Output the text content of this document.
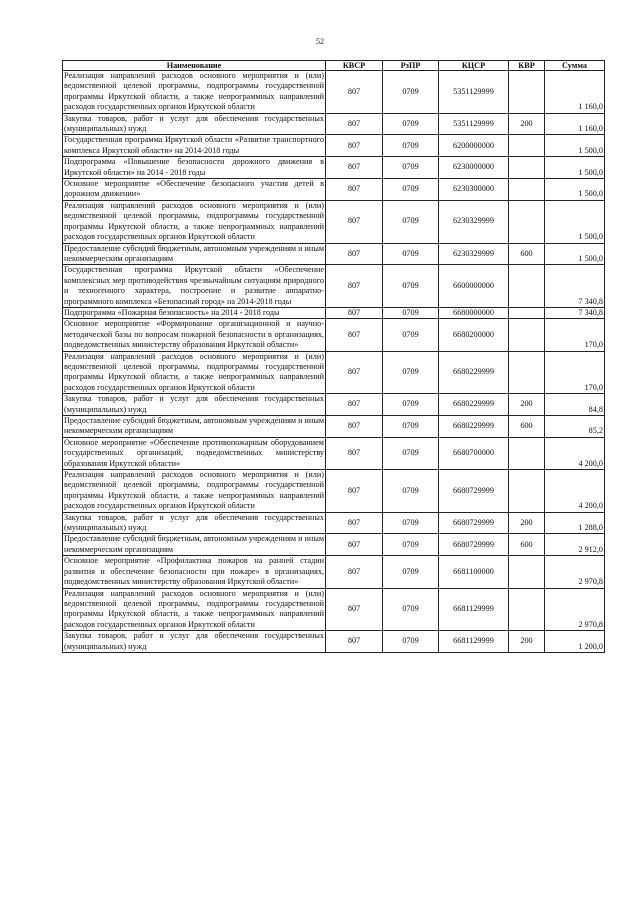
52
Наименование	КВСР	РзПР	КЦСР	КВР	Сумма
Реализация направлений расходов основного мероприятия и (или) ведомственной целевой программы, подпрограммы государственной программы Иркутской области, а также непрограммных направлений расходов государственных органов Иркутской области	807	0709	5351129999		1 160,0
Закупка товаров, работ и услуг для обеспечения государственных (муниципальных) нужд	807	0709	5351129999	200	1 160,0
Государственная программа Иркутской области «Развитие транспортного комплекса Иркутской области» на 2014-2018 годы	807	0709	6200000000		1 500,0
Подпрограмма «Повышение безопасности дорожного движения в Иркутской области» на 2014 - 2018 годы	807	0709	6230000000		1 500,0
Основное мероприятие «Обеспечение безопасного участия детей в дорожном движении»	807	0709	6230300000		1 500,0
Реализация направлений расходов основного мероприятия и (или) ведомственной целевой программы, подпрограммы государственной программы Иркутской области, а также непрограммных направлений расходов государственных органов Иркутской области	807	0709	6230329999		1 500,0
Предоставление субсидий бюджетным, автономным учреждениям и иным некоммерческим организациям	807	0709	6230329999	600	1 500,0
Государственная программа Иркутской области «Обеспечение комплексных мер противодействия чрезвычайным ситуациям природного и техногенного характера, построение и развитие аппаратно-программного комплекса «Безопасный город» на 2014-2018 годы	807	0709	6600000000		7 340,8
Подпрограмма «Пожарная безопасность» на 2014 - 2018 годы	807	0709	6680000000		7 340,8
Основное мероприятие «Формирование организационной и научно-методической базы по вопросам пожарной безопасности в организациях, подведомственных министерству образования Иркутской области»	807	0709	6680200000		170,0
Реализация направлений расходов основного мероприятия и (или) ведомственной целевой программы, подпрограммы государственной программы Иркутской области, а также непрограммных направлений расходов государственных органов Иркутской области	807	0709	6680229999		170,0
Закупка товаров, работ и услуг для обеспечения государственных (муниципальных) нужд	807	0709	6680229999	200	84,8
Предоставление субсидий бюджетным, автономным учреждениям и иным некоммерческим организациям	807	0709	6680229999	600	85,2
Основное мероприятие «Обеспечение противопожарным оборудованием государственных организаций, подведомственных министерству образования Иркутской области»	807	0709	6680700000		4 200,0
Реализация направлений расходов основного мероприятия и (или) ведомственной целевой программы, подпрограммы государственной программы Иркутской области, а также непрограммных направлений расходов государственных органов Иркутской области	807	0709	6680729999		4 200,0
Закупка товаров, работ и услуг для обеспечения государственных (муниципальных) нужд	807	0709	6680729999	200	1 288,0
Предоставление субсидий бюджетным, автономным учреждениям и иным некоммерческим организациям	807	0709	6680729999	600	2 912,0
Основное мероприятие «Профилактика пожаров на ранней стадии развития и обеспечение безопасности при пожаре» в организациях, подведомственных министерству образования Иркутской области»	807	0709	6681100000		2 970,8
Реализация направлений расходов основного мероприятия и (или) ведомственной целевой программы, подпрограммы государственной программы Иркутской области, а также непрограммных направлений расходов государственных органов Иркутской области	807	0709	6681129999		2 970,8
Закупка товаров, работ и услуг для обеспечения государственных (муниципальных) нужд	807	0709	6681129999	200	1 200,0
